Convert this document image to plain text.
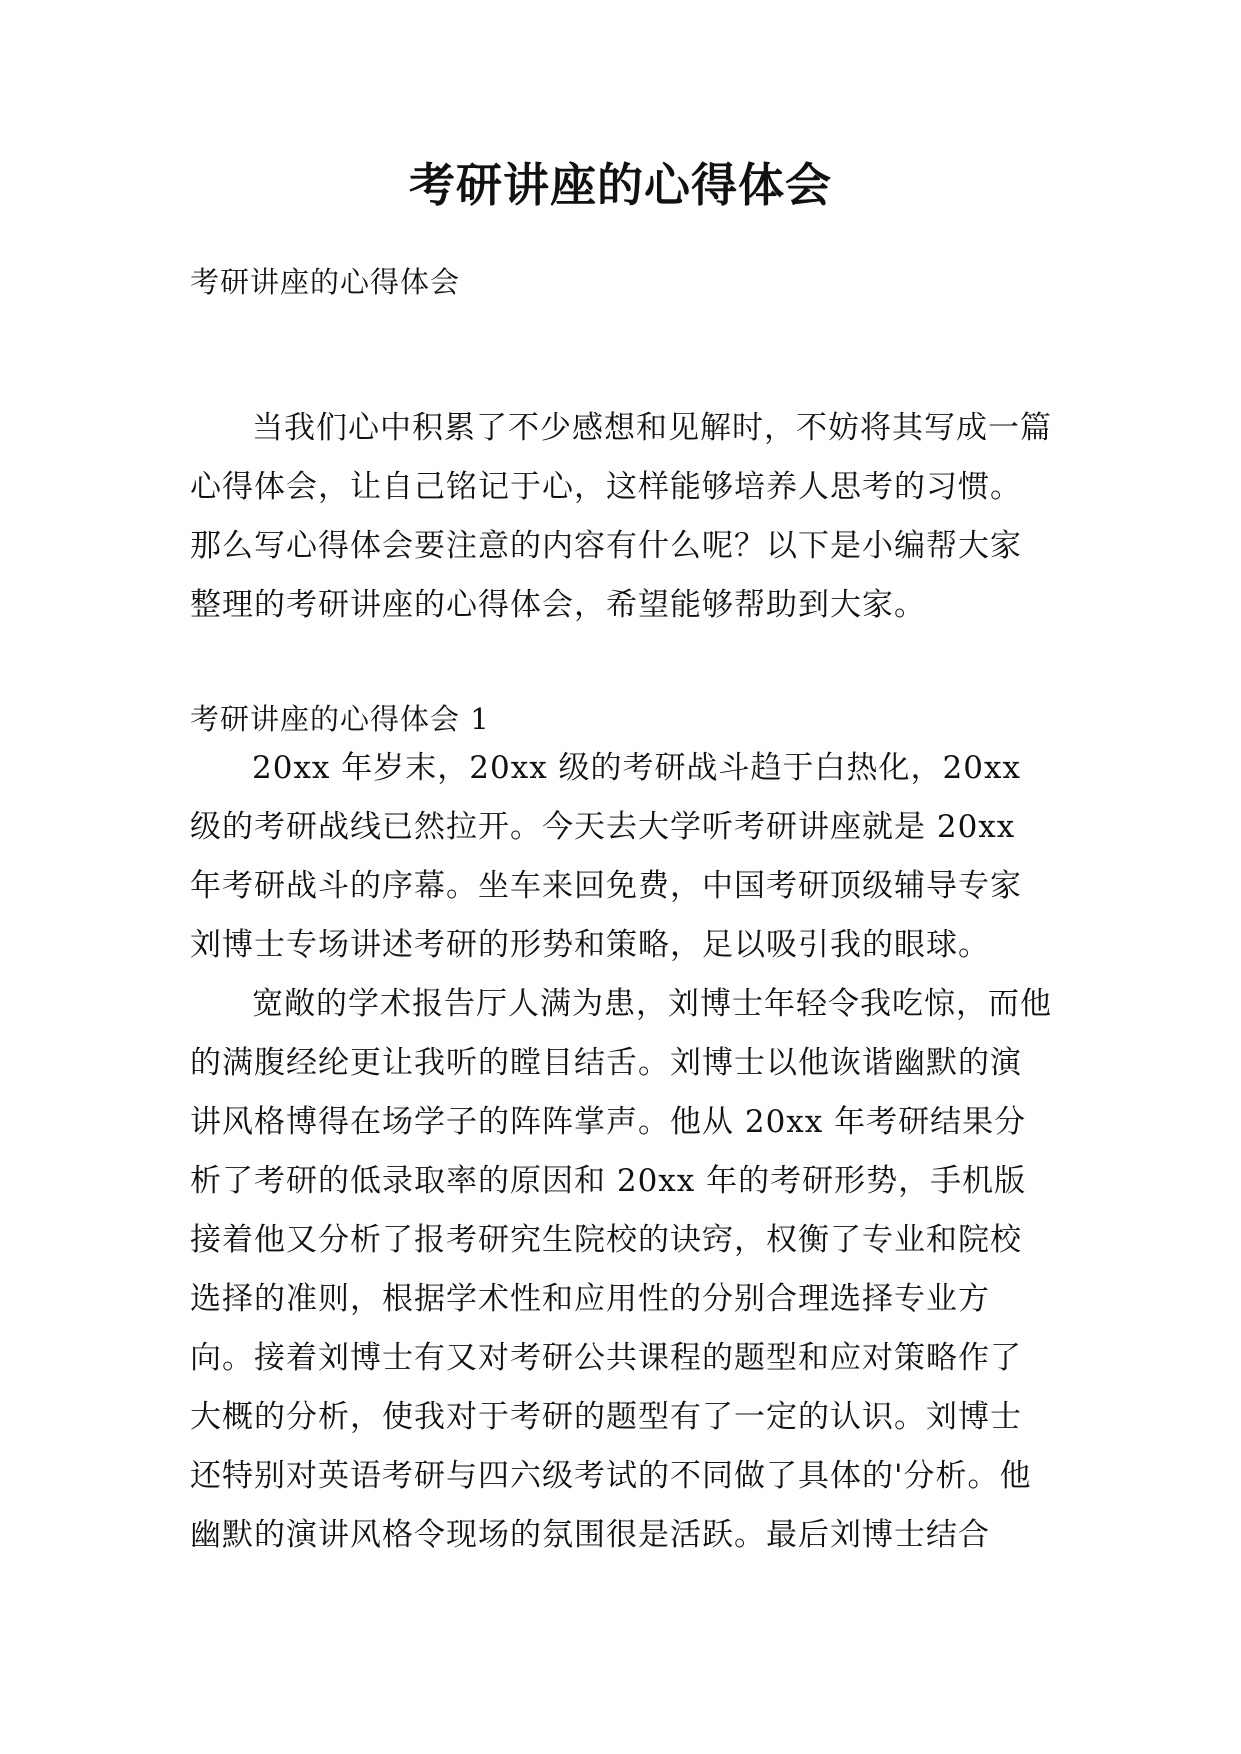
考研讲座的心得体会

考研讲座的心得体会

当我们心中积累了不少感想和见解时，不妨将其写成一篇心得体会，让自己铭记于心，这样能够培养人思考的习惯。那么写心得体会要注意的内容有什么呢？以下是小编帮大家整理的考研讲座的心得体会，希望能够帮助到大家。

考研讲座的心得体会 1

20xx 年岁末，20xx 级的考研战斗趋于白热化，20xx 级的考研战线已然拉开。今天去大学听考研讲座就是 20xx 年考研战斗的序幕。坐车来回免费，中国考研顶级辅导专家刘博士专场讲述考研的形势和策略，足以吸引我的眼球。

宽敞的学术报告厅人满为患，刘博士年轻令我吃惊，而他的满腹经纶更让我听的瞠目结舌。刘博士以他诙谐幽默的演讲风格博得在场学子的阵阵掌声。他从 20xx 年考研结果分析了考研的低录取率的原因和 20xx 年的考研形势，手机版接着他又分析了报考研究生院校的诀窍，权衡了专业和院校选择的准则，根据学术性和应用性的分别合理选择专业方向。接着刘博士有又对考研公共课程的题型和应对策略作了大概的分析，使我对于考研的题型有了一定的认识。刘博士还特别对英语考研与四六级考试的不同做了具体的'分析。他幽默的演讲风格令现场的氛围很是活跃。最后刘博士结合
